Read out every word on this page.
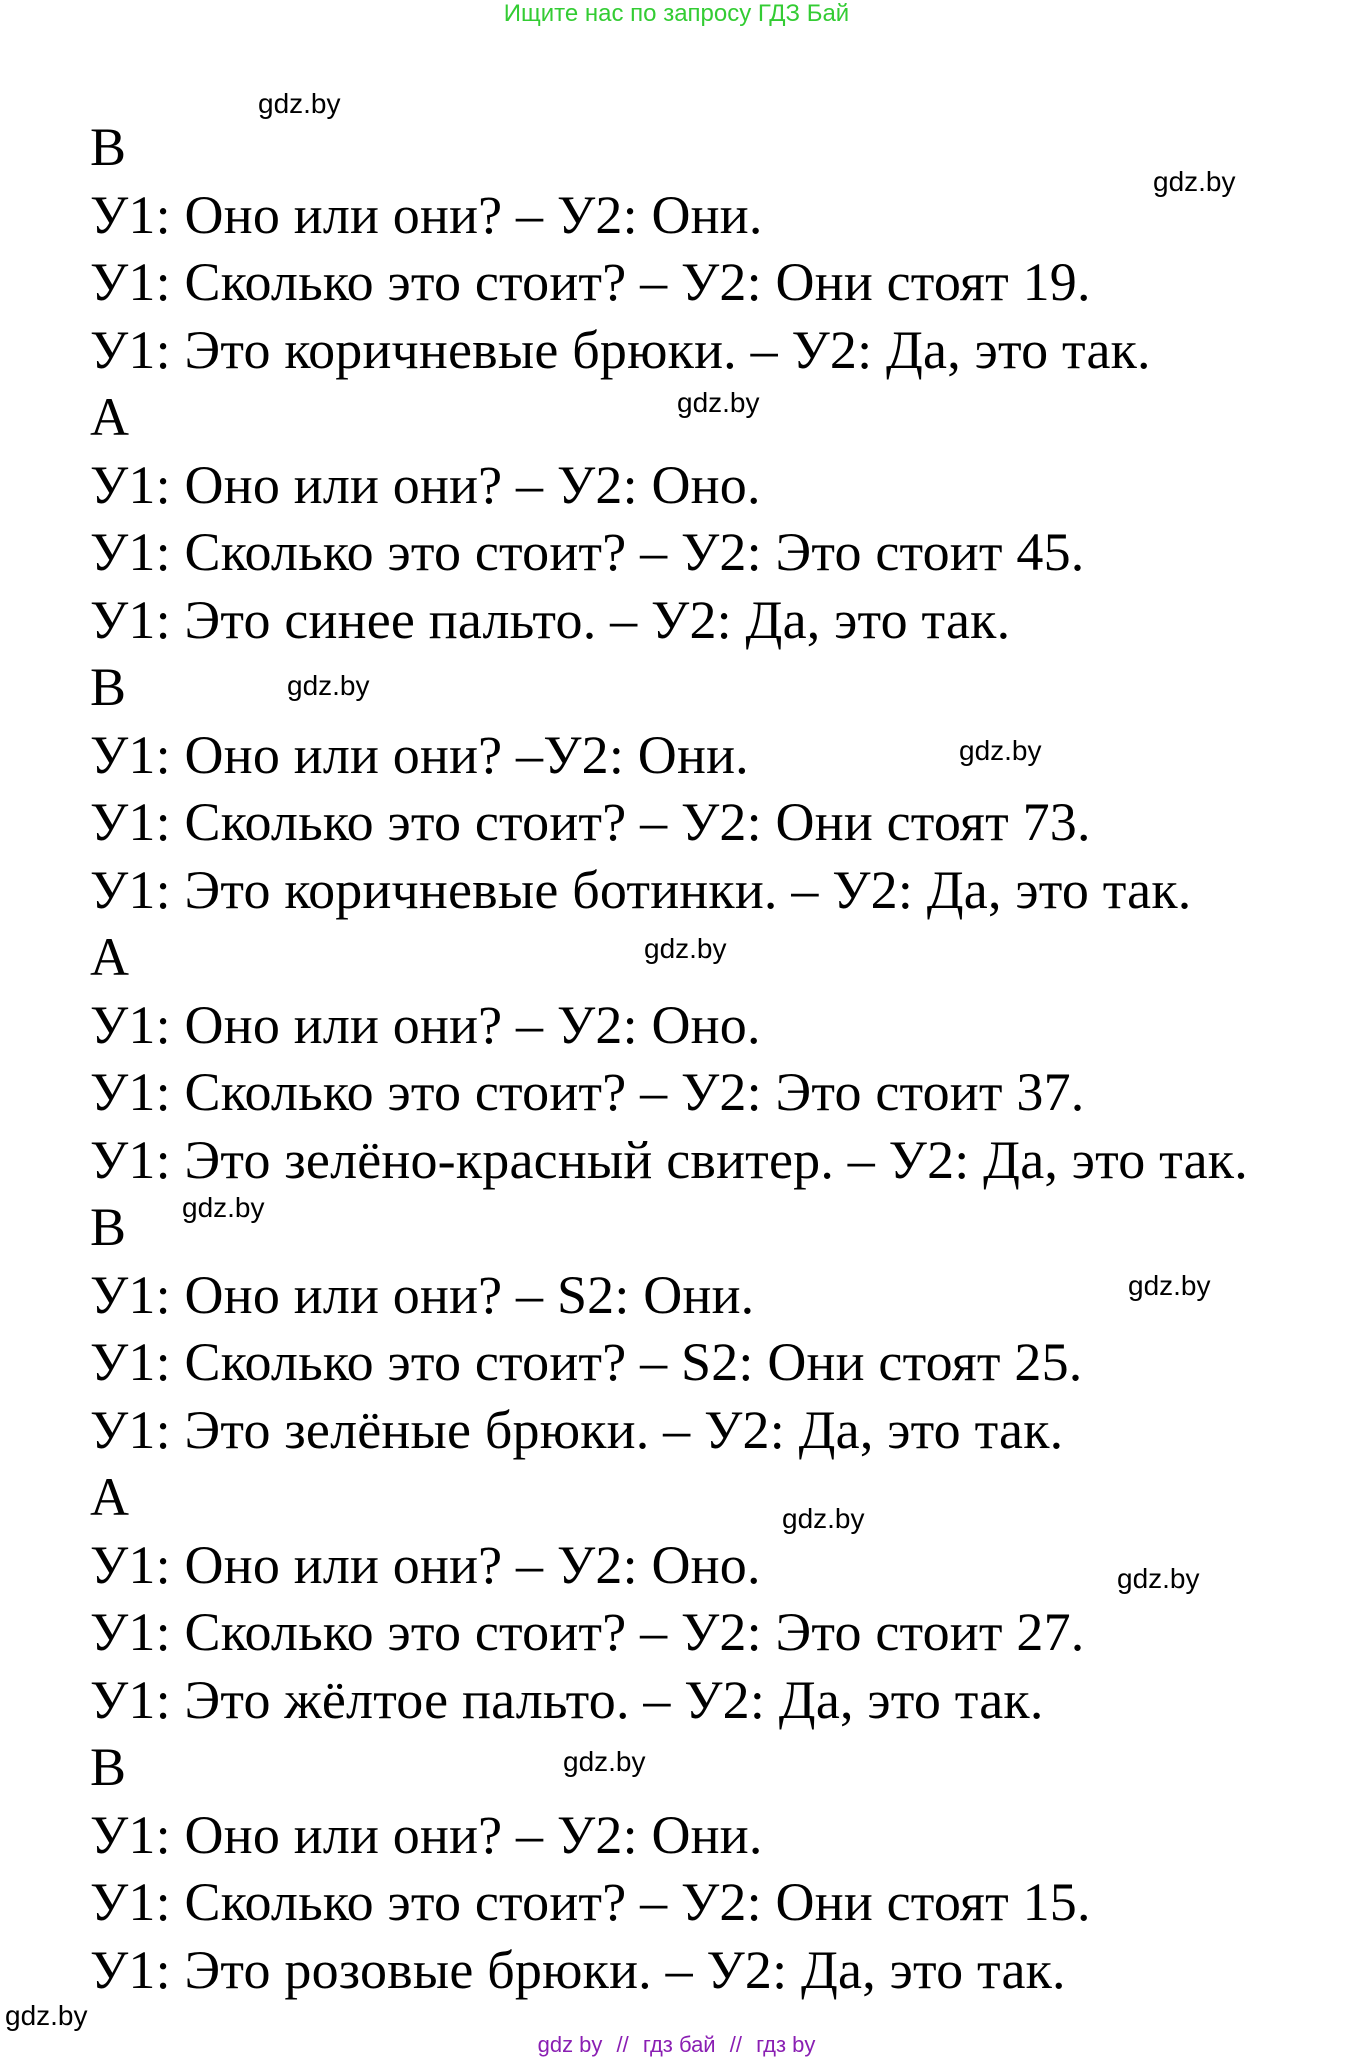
Ищите нас по запросу ГДЗ Бай
В
У1: Оно или они? – У2: Они.
У1: Сколько это стоит? – У2: Они стоят 19.
У1: Это коричневые брюки. – У2: Да, это так.
А
У1: Оно или они? – У2: Оно.
У1: Сколько это стоит? – У2: Это стоит 45.
У1: Это синее пальто. – У2: Да, это так.
В
У1: Оно или они? –У2: Они.
У1: Сколько это стоит? – У2: Они стоят 73.
У1: Это коричневые ботинки. – У2: Да, это так.
А
У1: Оно или они? – У2: Оно.
У1: Сколько это стоит? – У2: Это стоит 37.
У1: Это зелёно-красный свитер. – У2: Да, это так.
В
У1: Оно или они? – S2: Они.
У1: Сколько это стоит? – S2: Они стоят 25.
У1: Это зелёные брюки. – У2: Да, это так.
А
У1: Оно или они? – У2: Оно.
У1: Сколько это стоит? – У2: Это стоит 27.
У1: Это жёлтое пальто. – У2: Да, это так.
В
У1: Оно или они? – У2: Они.
У1: Сколько это стоит? – У2: Они стоят 15.
У1: Это розовые брюки. – У2: Да, это так.
gdz.by
gdz.by
gdz.by
gdz.by
gdz.by
gdz.by
gdz.by
gdz.by
gdz.by
gdz.by
gdz.by
gdz.by
gdz by // гдз бай // гдз by
